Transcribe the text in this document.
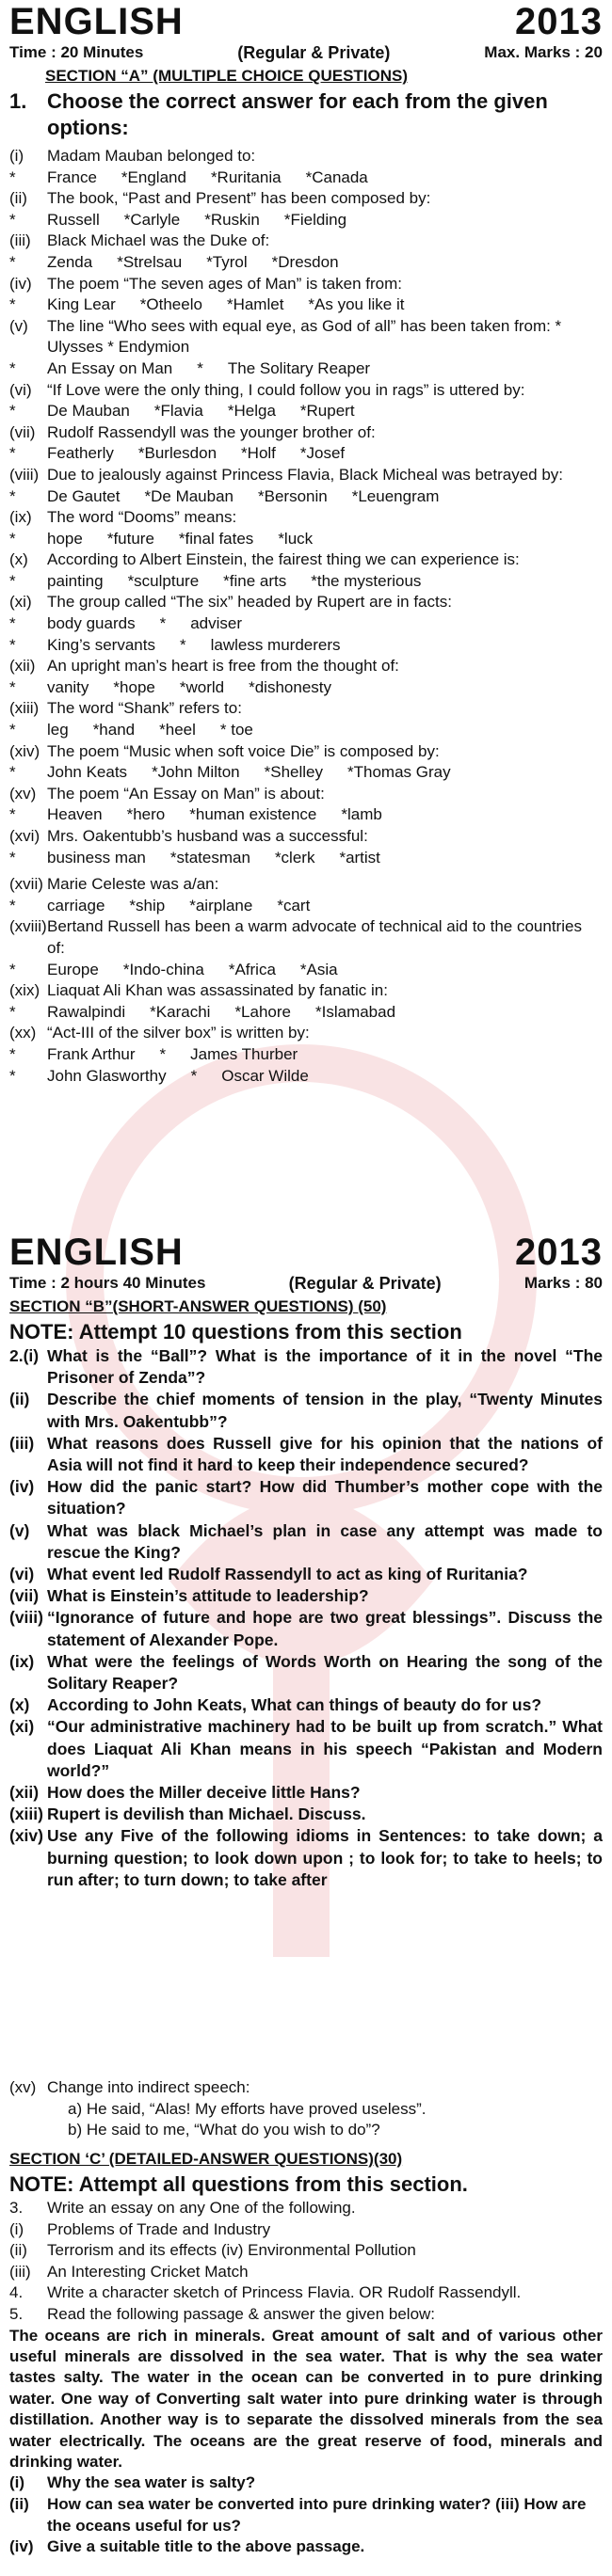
ENGLISH	2013
Time : 20 Minutes	(Regular & Private)	Max. Marks : 20
SECTION “A” (MULTIPLE CHOICE QUESTIONS)
1. Choose the correct answer for each from the given options:
(i)	Madam Mauban belonged to:
*	France *England *Ruritania *Canada
(ii)	The book, “Past and Present” has been composed by:
*	Russell *Carlyle *Ruskin *Fielding
(iii)	Black Michael was the Duke of:
*	Zenda *Strelsau *Tyrol *Dresdon
(iv) The poem “The seven ages of Man” is taken from:
*	King Lear *Otheelo *Hamlet *As you like it
(v)	The line “Who sees with equal eye, as God of all” has been taken from: * Ulysses * Endymion
*	An Essay on Man * The Solitary Reaper
(vi) “If Love were the only thing, I could follow you in rags” is uttered by:
*	De Mauban *Flavia *Helga *Rupert
(vii) Rudolf Rassendyll was the younger brother of:
*	Featherly *Burlesdon *Holf *Josef
(viii) Due to jealously against Princess Flavia, Black Micheal was betrayed by:
*	De Gautet *De Mauban *Bersonin *Leuengram
(ix) The word “Dooms” means:
*	hope *future *final fates *luck
(x)	According to Albert Einstein, the fairest thing we can experience is:
*	painting *sculpture *fine arts *the mysterious
(xi) The group called “The six” headed by Rupert are in facts:
*	body guards * adviser
*	King’s servants * lawless murderers
(xii) An upright man’s heart is free from the thought of:
*	vanity *hope *world *dishonesty
(xiii) The word “Shank” refers to:
*	leg *hand *heel * toe
(xiv) The poem “Music when soft voice Die” is composed by:
*	John Keats *John Milton *Shelley *Thomas Gray
(xv) The poem “An Essay on Man” is about:
*	Heaven *hero *human existence *lamb
(xvi) Mrs. Oakentubb’s husband was a successful:
*	business man *statesman *clerk *artist
(xvii) Marie Celeste was a/an:
*	carriage *ship *airplane *cart
(xviii) Bertand Russell has been a warm advocate of technical aid to the countries of:
*	Europe *Indo-china *Africa *Asia
(xix) Liaquat Ali Khan was assassinated by fanatic in:
*	Rawalpindi *Karachi *Lahore *Islamabad
(xx) “Act-III of the silver box” is written by:
*	Frank Arthur * James Thurber
*	John Glasworthy * Oscar Wilde
ENGLISH	2013
Time : 2 hours 40 Minutes	(Regular & Private)	Marks : 80
SECTION “B”(SHORT-ANSWER QUESTIONS) (50)
NOTE: Attempt 10 questions from this section
2.(i) What is the “Ball”? What is the importance of it in the novel “The Prisoner of Zenda”?
(ii)	Describe the chief moments of tension in the play, “Twenty Minutes with Mrs. Oakentubb”?
(iii) What reasons does Russell give for his opinion that the nations of Asia will not find it hard to keep their independence secured?
(iv) How did the panic start? How did Thumber’s mother cope with the situation?
(v)	What was black Michael’s plan in case any attempt was made to rescue the King?
(vi) What event led Rudolf Rassendyll to act as king of Ruritania?
(vii) What is Einstein’s attitude to leadership?
(viii) “Ignorance of future and hope are two great blessings”. Discuss the statement of Alexander Pope.
(ix) What were the feelings of Words Worth on Hearing the song of the Solitary Reaper?
(x)	According to John Keats, What can things of beauty do for us?
(xi) “Our administrative machinery had to be built up from scratch.” What does Liaquat Ali Khan means in his speech “Pakistan and Modern world?”
(xii) How does the Miller deceive little Hans?
(xiii) Rupert is devilish than Michael. Discuss.
(xiv) Use any Five of the following idioms in Sentences: to take down; a burning question; to look down upon ; to look for; to take to heels; to run after; to turn down; to take after
(xv) Change into indirect speech:
a) He said, “Alas! My efforts have proved useless”.
b) He said to me, “What do you wish to do”?
SECTION ‘C’ (DETAILED-ANSWER QUESTIONS)(30)
NOTE: Attempt all questions from this section.
3.	Write an essay on any One of the following.
(i)	Problems of Trade and Industry
(ii)	Terrorism and its effects (iv) Environmental Pollution
(iii)	An Interesting Cricket Match
4.	Write a character sketch of Princess Flavia. OR Rudolf Rassendyll.
5.	Read the following passage & answer the given below:
The oceans are rich in minerals. Great amount of salt and of various other useful minerals are dissolved in the sea water. That is why the sea water tastes salty. The water in the ocean can be converted in to pure drinking water. One way of Converting salt water into pure drinking water is through distillation. Another way is to separate the dissolved minerals from the sea water electrically. The oceans are the great reserve of food, minerals and drinking water.
(i)	Why the sea water is salty?
(ii)	How can sea water be converted into pure drinking water? (iii) How are the oceans useful for us?
(iv) Give a suitable title to the above passage.
